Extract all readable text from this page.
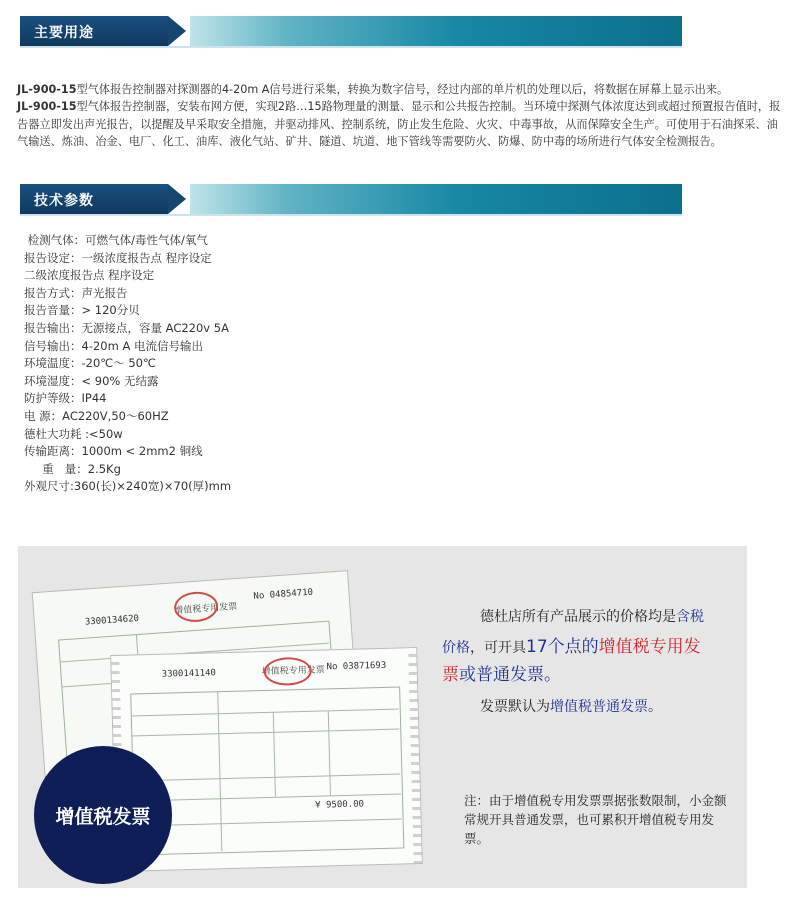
主要用途
JL-900-15型气体报告控制器对探测器的4-20m A信号进行采集，转换为数字信号，经过内部的单片机的处理以后，将数据在屏幕上显示出来。
JL-900-15型气体报告控制器，安装布网方便，实现2路…15路物理量的测量、显示和公共报告控制。当环境中探测气体浓度达到或超过预置报告值时，报告器立即发出声光报告，以提醒及早采取安全措施，并驱动排风、控制系统，防止发生危险、火灾、中毒事故，从而保障安全生产。可使用于石油探采、油气输送、炼油、冶金、电厂、化工、油库、液化气站、矿井、隧道、坑道、地下管线等需要防火、防爆、防中毒的场所进行气体安全检测报告。
技术参数
检测气体：可燃气体/毒性气体/氧气
报告设定：一级浓度报告点 程序设定
二级浓度报告点 程序设定
报告方式：声光报告
报告音量：> 120分贝
报告输出：无源接点，容量 AC220v 5A
信号输出：4-20m A 电流信号输出
环境温度：-20℃～ 50℃
环境湿度：< 90% 无结露
防护等级：IP44
电 源：AC220V,50～60HZ
德杜大功耗 :<50w
传输距离：1000m < 2mm2 铜线
重   量：2.5Kg
外观尺寸:360(长)×240宽)×70(厚)mm
3300134620
增值税专用发票
No 04854710
3300141140	增值税专用发票 No 03871693
¥ 9500.00
增值税发票
德杜店所有产品展示的价格均是含税
价格，可开具17个点的增值税专用发
票或普通发票。
发票默认为增值税普通发票。
注：由于增值税专用发票票据张数限制，小金额常规开具普通发票，也可累积开增值税专用发票。
